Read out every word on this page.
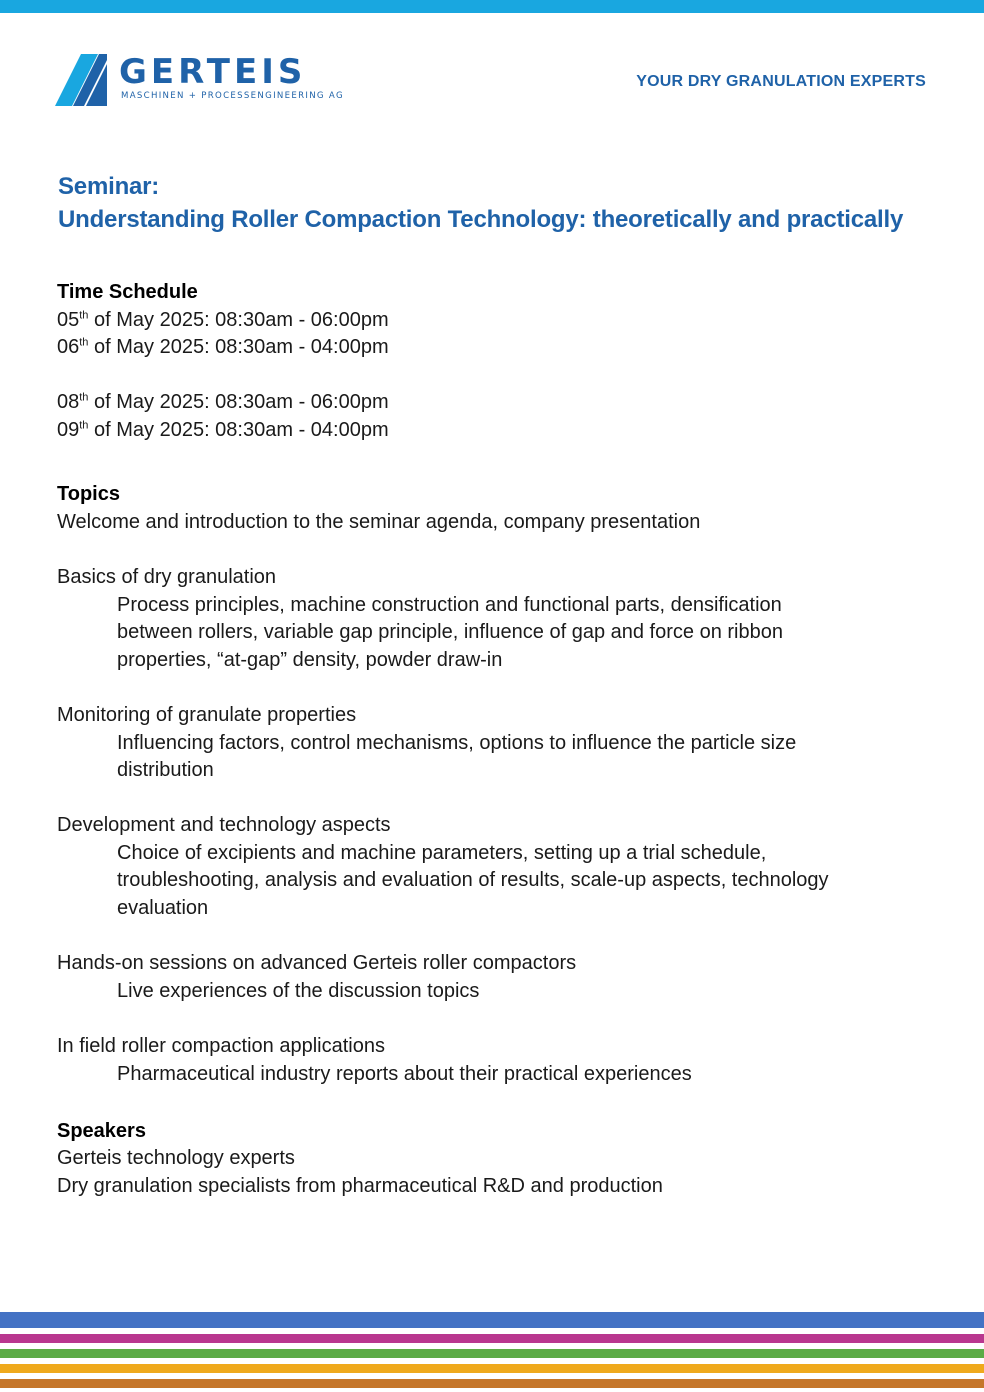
GERTEIS
MASCHINEN + PROCESSENGINEERING AG
YOUR DRY GRANULATION EXPERTS
Seminar:
Understanding Roller Compaction Technology: theoretically and practically
Time Schedule
05th of May 2025: 08:30am - 06:00pm
06th of May 2025: 08:30am - 04:00pm
08th of May 2025: 08:30am - 06:00pm
09th of May 2025: 08:30am - 04:00pm
Topics
Welcome and introduction to the seminar agenda, company presentation
Basics of dry granulation
Process principles, machine construction and functional parts, densification
between rollers, variable gap principle, influence of gap and force on ribbon
properties, “at-gap” density, powder draw-in
Monitoring of granulate properties
Influencing factors, control mechanisms, options to influence the particle size
distribution
Development and technology aspects
Choice of excipients and machine parameters, setting up a trial schedule,
troubleshooting, analysis and evaluation of results, scale-up aspects, technology
evaluation
Hands-on sessions on advanced Gerteis roller compactors
Live experiences of the discussion topics
In field roller compaction applications
Pharmaceutical industry reports about their practical experiences
Speakers
Gerteis technology experts
Dry granulation specialists from pharmaceutical R&D and production
